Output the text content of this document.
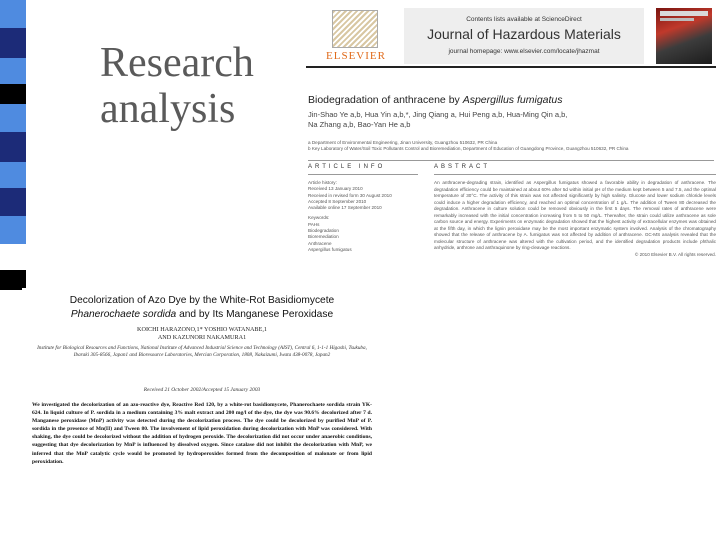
Research
analysis
ELSEVIER
Contents lists available at ScienceDirect
Journal of Hazardous Materials
journal homepage: www.elsevier.com/locate/jhazmat
Biodegradation of anthracene by Aspergillus fumigatus
Jin-Shao Ye a,b, Hua Yin a,b,*, Jing Qiang a, Hui Peng a,b, Hua-Ming Qin a,b,
Na Zhang a,b, Bao-Yan He a,b
a Department of Environmental Engineering, Jinan University, Guangzhou 510632, PR China
b Key Laboratory of Water/Soil Toxic Pollutants Control and Bioremediation, Department of Education of Guangdong Province, Guangzhou 510632, PR China
ARTICLE INFO	ABSTRACT
Article history:
Received 13 January 2010
Received in revised form 30 August 2010
Accepted 8 September 2010
Available online 17 September 2010
Keywords:
PAHs
Biodegradation
Bioremediation
Anthracene
Aspergillus fumigatus
An anthracene-degrading strain, identified as Aspergillus fumigatus showed a favorable ability in degradation of anthracene. The degradation efficiency could be maintained at about 60% after 5d within initial pH of the medium kept between 5 and 7.5, and the optimal temperature of 30°C. The activity of this strain was not affected significantly by high salinity. Glucose and lower sodium chloride levels could induce a higher degradation efficiency, and reached an optimal concentration of 1 g/L. The addition of Tween 80 decreased the degradation. Anthracene in culture solution could be removed obviously in the first 5 days. The removal rates of anthracene were remarkably increased with the initial concentration increasing from 5 to 50 mg/L. Thereafter, the strain could utilize anthracene as sole carbon source and energy. Experiments on enzymatic degradation showed that the highest activity of extracellular enzymes was obtained at the fifth day, in which the lignin peroxidase may be the most important enzymatic system involved. Analysis of the chromatography showed that the release of anthracene by A. fumigatus was not affected by addition of anthracene. GC-MS analysis revealed that the molecular structure of anthracene was altered with the cultivation period, and the identified degradation products include phthalic anhydride, anthrone and anthraquinone by ring-cleavage reactions.
© 2010 Elsevier B.V. All rights reserved.
Decolorization of Azo Dye by the White-Rot Basidiomycete
Phanerochaete sordida and by Its Manganese Peroxidase
KOICHI HARAZONO,1* YOSHIO WATANABE,1
AND KAZUNORI NAKAMURA1
Institute for Biological Resources and Functions, National Institute of Advanced Industrial Science and Technology (AIST), Central 6, 1-1-1 Higashi, Tsukuba, Ibaraki 305-8566, Japan1 and Bioresource Laboratories, Mercian Corporation, 1808, Nakaizumi, Iwata 438-0078, Japan2
Received 21 October 2002/Accepted 15 January 2003
We investigated the decolorization of an azo-reactive dye, Reactive Red 120, by a white-rot basidiomycete, Phanerochaete sordida strain YK-624. In liquid culture of P. sordida in a medium containing 3% malt extract and 200 mg/l of the dye, the dye was 90.6% decolorized after 7 d. Manganese peroxidase (MnP) activity was detected during the decolorization process. The dye could be decolorized by purified MnP of P. sordida in the presence of Mn(II) and Tween 80. The involvement of lipid peroxidation during decolorization with MnP was considered. With shaking, the dye could be decolorized without the addition of hydrogen peroxide. The decolorization did not occur under anaerobic conditions, suggesting that dye decolorization by MnP is influenced by dissolved oxygen. Since catalase did not inhibit the decolorization with MnP, we inferred that the MnP catalytic cycle would be promoted by hydroperoxides formed from the decomposition of malonate or from lipid peroxidation.
